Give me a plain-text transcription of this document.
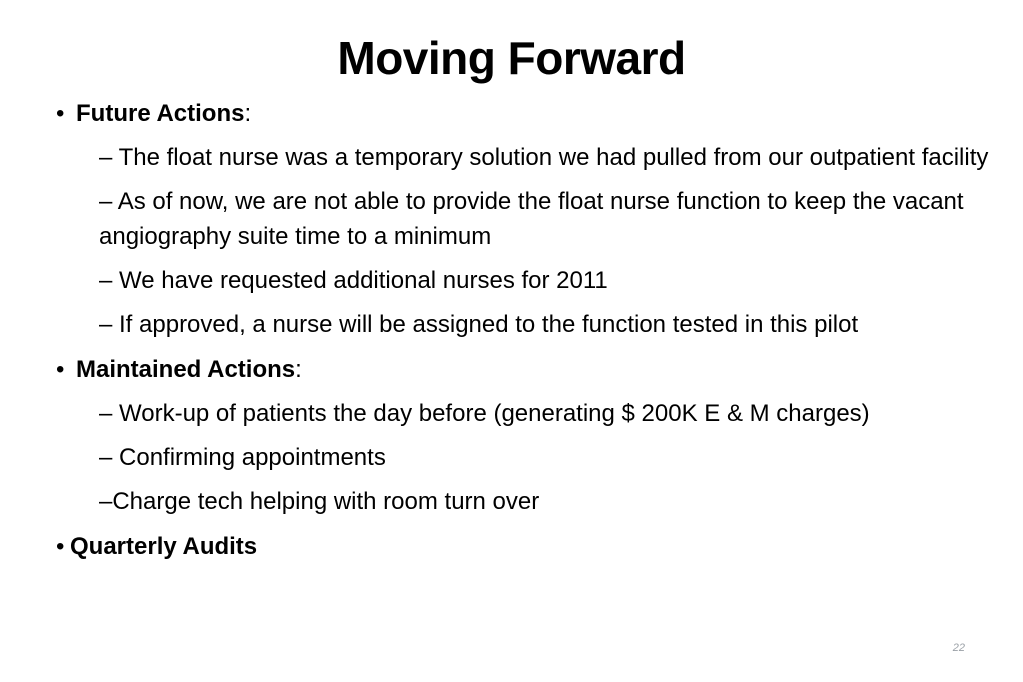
Moving Forward

• Future Actions:

– The float nurse was a temporary solution we had pulled from our outpatient facility
– As of now, we are not able to provide the float nurse function to keep the vacant angiography suite time to a minimum
– We have requested additional nurses for 2011
– If approved, a nurse will be assigned to the function tested in this pilot

• Maintained Actions:

– Work-up of patients the day before (generating $ 200K E & M charges)
– Confirming appointments
–Charge tech helping with room turn over

• Quarterly Audits

22
